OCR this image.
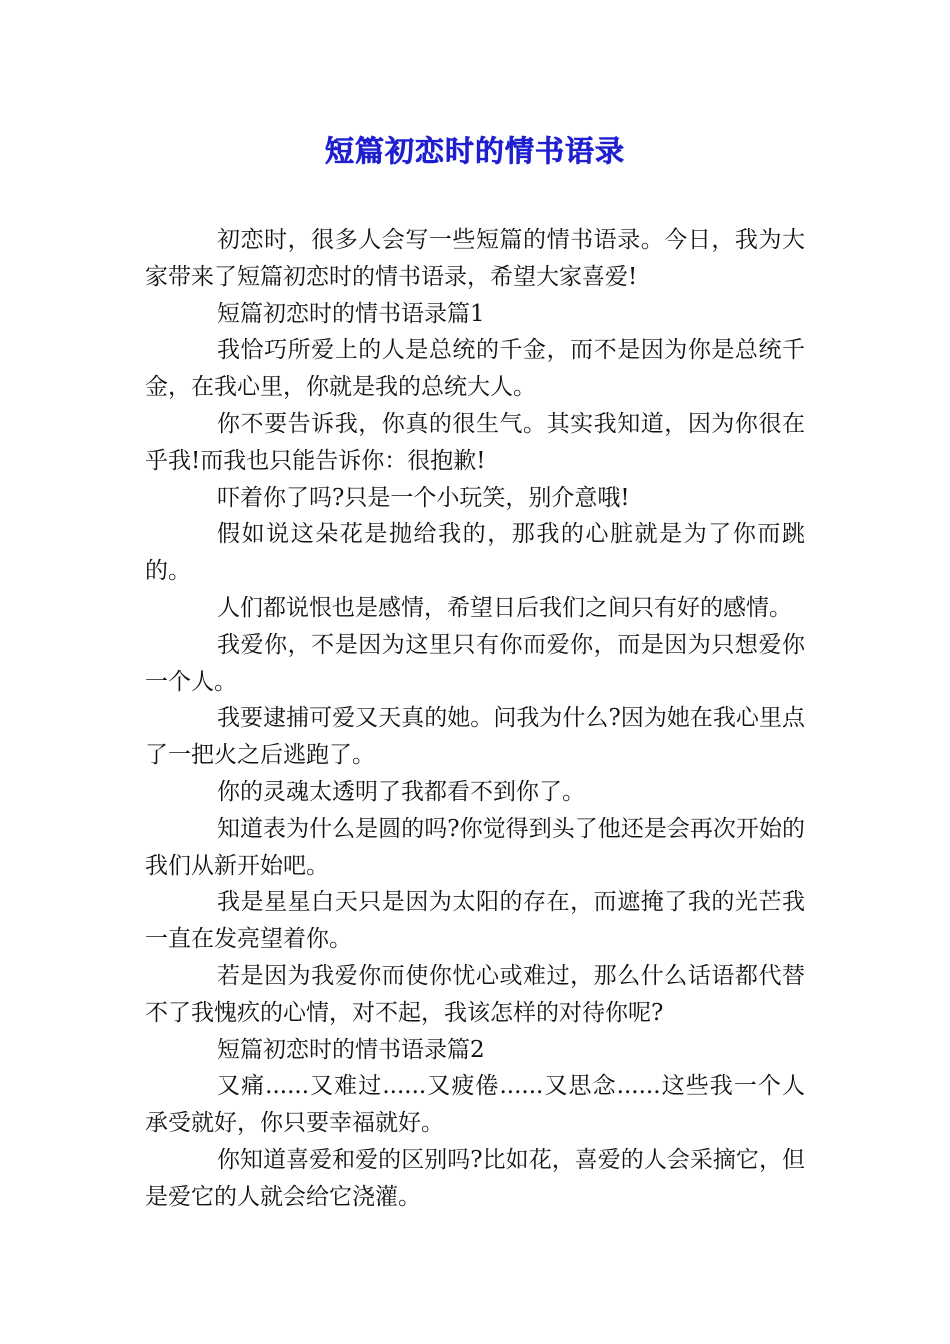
短篇初恋时的情书语录

初恋时，很多人会写一些短篇的情书语录。今日，我为大家带来了短篇初恋时的情书语录，希望大家喜爱!

短篇初恋时的情书语录篇1

我恰巧所爱上的人是总统的千金，而不是因为你是总统千金，在我心里，你就是我的总统大人。

你不要告诉我，你真的很生气。其实我知道，因为你很在乎我!而我也只能告诉你：很抱歉!

吓着你了吗?只是一个小玩笑，别介意哦!

假如说这朵花是抛给我的，那我的心脏就是为了你而跳的。

人们都说恨也是感情，希望日后我们之间只有好的感情。

我爱你，不是因为这里只有你而爱你，而是因为只想爱你一个人。

我要逮捕可爱又天真的她。问我为什么?因为她在我心里点了一把火之后逃跑了。

你的灵魂太透明了我都看不到你了。

知道表为什么是圆的吗?你觉得到头了他还是会再次开始的我们从新开始吧。

我是星星白天只是因为太阳的存在，而遮掩了我的光芒我一直在发亮望着你。

若是因为我爱你而使你忧心或难过，那么什么话语都代替不了我愧疚的心情，对不起，我该怎样的对待你呢?

短篇初恋时的情书语录篇2

又痛......又难过......又疲倦......又思念......这些我一个人承受就好，你只要幸福就好。

你知道喜爱和爱的区别吗?比如花，喜爱的人会采摘它，但是爱它的人就会给它浇灌。
